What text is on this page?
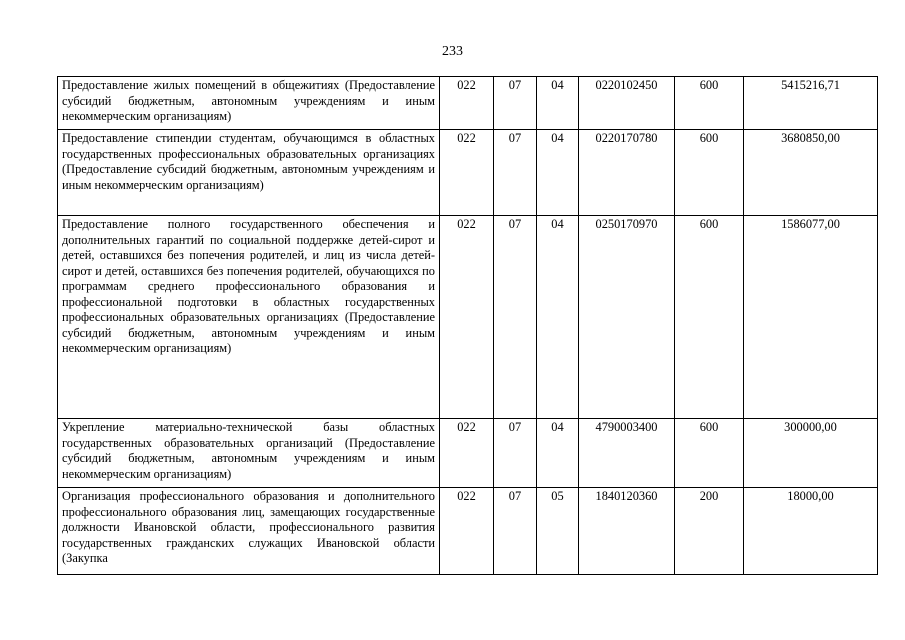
233
Предоставление жилых помещений в общежитиях (Предоставление субсидий бюджетным, автономным учреждениям и иным некоммерческим организациям)	022	07	04	0220102450	600	5415216,71
Предоставление стипендии студентам, обучающимся в областных государственных профессиональных образовательных организациях (Предоставление субсидий бюджетным, автономным учреждениям и иным некоммерческим организациям)	022	07	04	0220170780	600	3680850,00
Предоставление полного государственного обеспечения и дополнительных гарантий по социальной поддержке детей-сирот и детей, оставшихся без попечения родителей, и лиц из числа детей-сирот и детей, оставшихся без попечения родителей, обучающихся по программам среднего профессионального образования и профессиональной подготовки в областных государственных профессиональных образовательных организациях (Предоставление субсидий бюджетным, автономным учреждениям и иным некоммерческим организациям)	022	07	04	0250170970	600	1586077,00
Укрепление материально-технической базы областных государственных образовательных организаций (Предоставление субсидий бюджетным, автономным учреждениям и иным некоммерческим организациям)	022	07	04	4790003400	600	300000,00
Организация профессионального образования и дополнительного профессионального образования лиц, замещающих государственные должности Ивановской области, профессионального развития государственных гражданских служащих Ивановской области (Закупка	022	07	05	1840120360	200	18000,00
